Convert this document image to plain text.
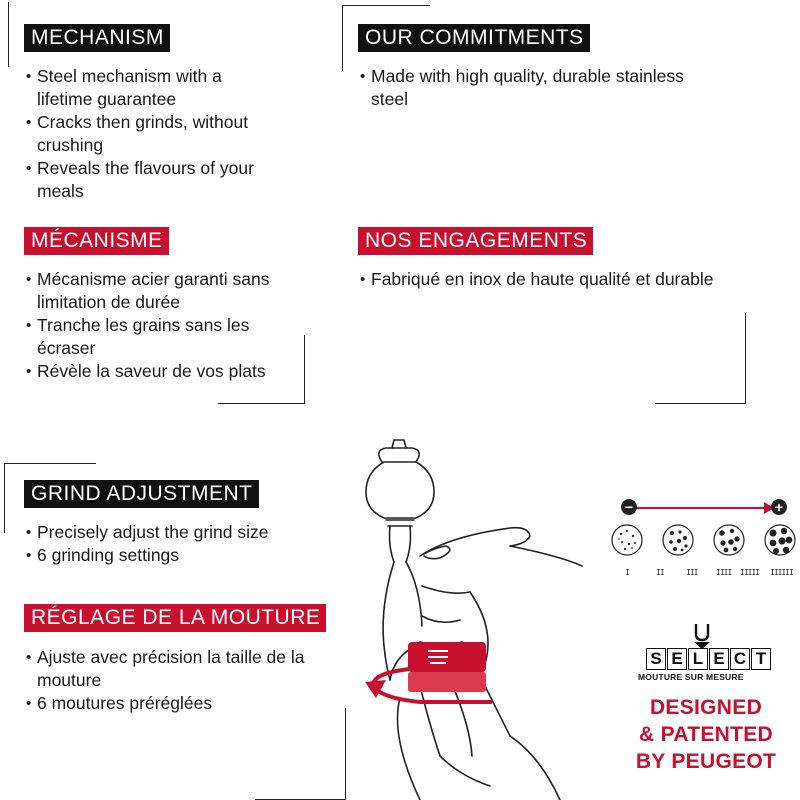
MECHANISM
• Steel mechanism with a lifetime guarantee
• Cracks then grinds, without crushing
• Reveals the flavours of your meals
OUR COMMITMENTS
• Made with high quality, durable stainless steel
MÉCANISME
• Mécanisme acier garanti sans limitation de durée
• Tranche les grains sans les écraser
• Révèle la saveur de vos plats
NOS ENGAGEMENTS
• Fabriqué en inox de haute qualité et durable
GRIND ADJUSTMENT
• Precisely adjust the grind size
• 6 grinding settings
RÉGLAGE DE LA MOUTURE
• Ajuste avec précision la taille de la mouture
• 6 moutures préréglées
−	+
I	II	III IIII IIIII IIIIII
S E L E C T
MOUTURE SUR MESURE
DESIGNED
& PATENTED
BY PEUGEOT
